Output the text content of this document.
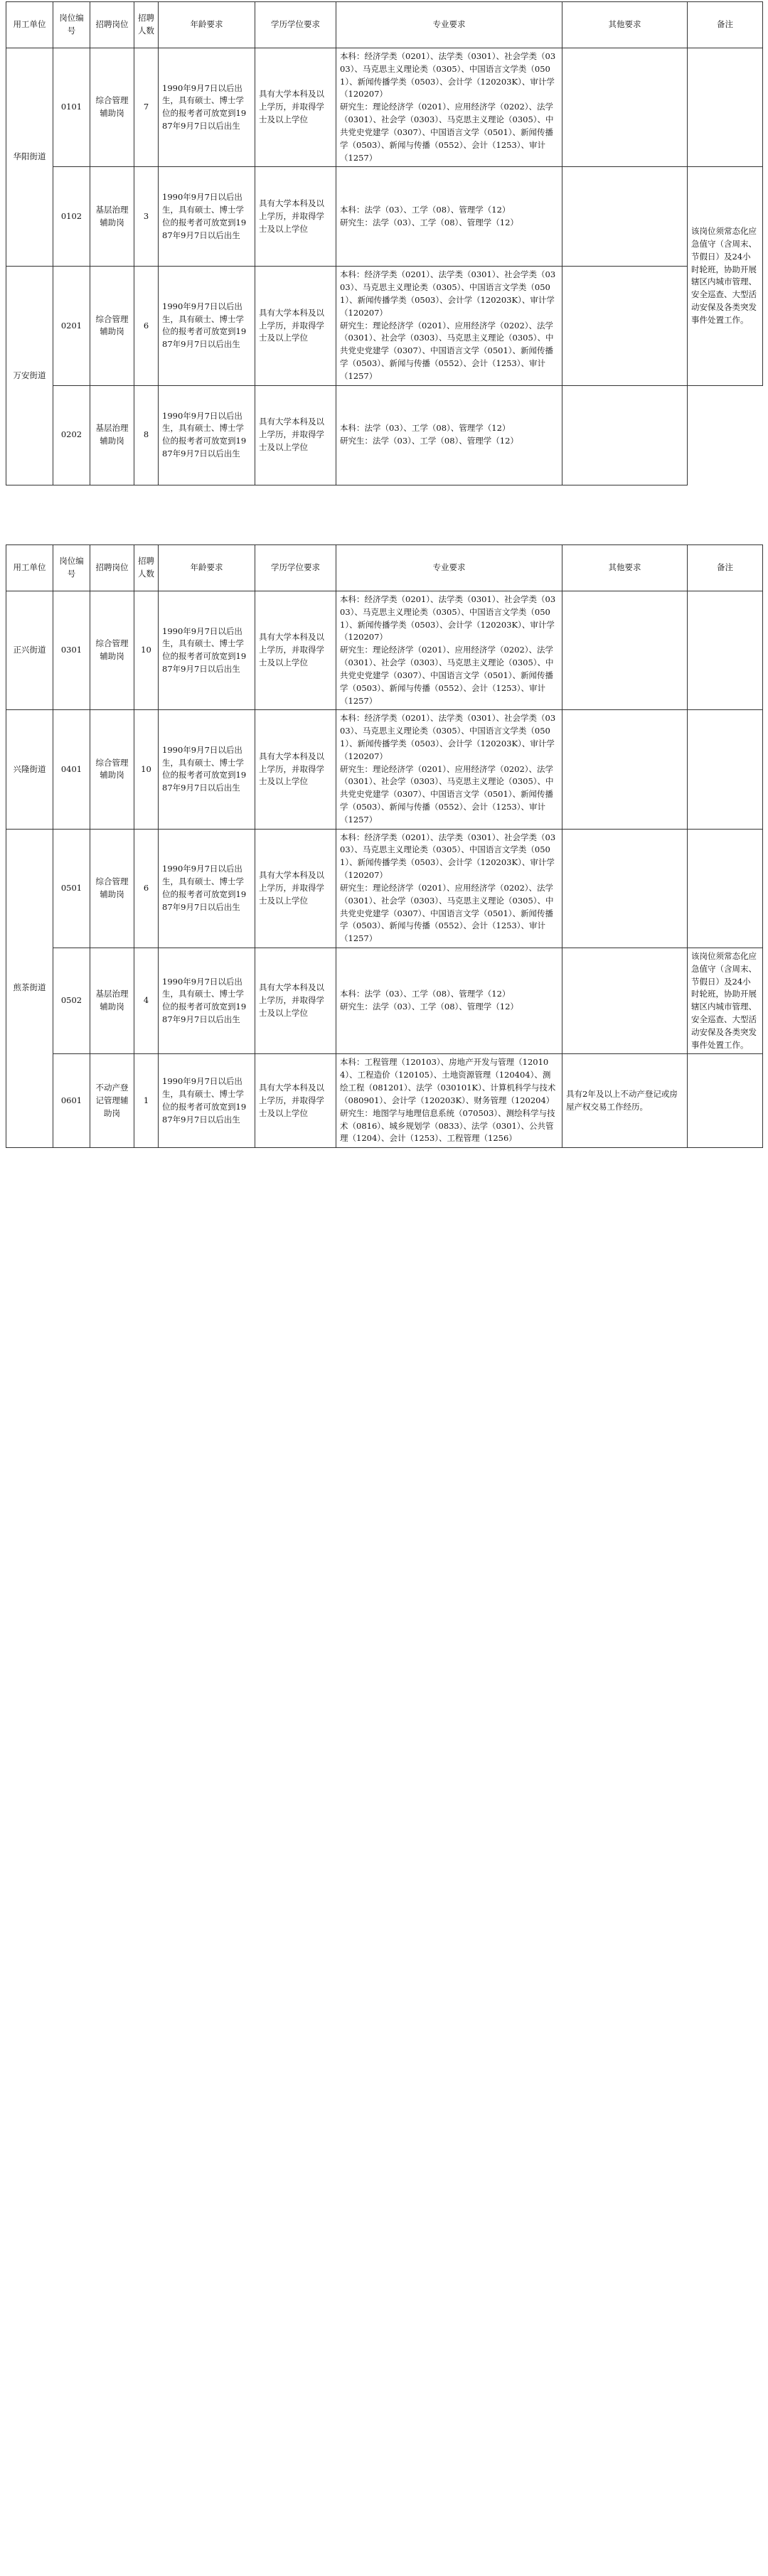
用工单位	岗位编号	招聘岗位	招聘人数	年龄要求	学历学位要求	专业要求	其他要求	备注
华阳街道	0101	综合管理辅助岗	7	1990年9月7日以后出生，具有硕士、博士学位的报考者可放宽到1987年9月7日以后出生	具有大学本科及以上学历，并取得学士及以上学位	本科：经济学类（0201）、法学类（0301）、社会学类（0303）、马克思主义理论类（0305）、中国语言文学类（0501）、新闻传播学类（0503）、会计学（120203K）、审计学（120207）
研究生：理论经济学（0201）、应用经济学（0202）、法学（0301）、社会学（0303）、马克思主义理论（0305）、中共党史党建学（0307）、中国语言文学（0501）、新闻传播学（0503）、新闻与传播（0552）、会计（1253）、审计（1257）		
	0102	基层治理辅助岗	3	1990年9月7日以后出生，具有硕士、博士学位的报考者可放宽到1987年9月7日以后出生	具有大学本科及以上学历，并取得学士及以上学位	本科：法学（03）、工学（08）、管理学（12）
研究生：法学（03）、工学（08）、管理学（12）		该岗位须常态化应急值守（含周末、节假日）及24小时轮班，协助开展辖区内城市管理、安全巡查、大型活动安保及各类突发事件处置工作。
万安街道	0201	综合管理辅助岗	6	1990年9月7日以后出生，具有硕士、博士学位的报考者可放宽到1987年9月7日以后出生	具有大学本科及以上学历，并取得学士及以上学位	本科：经济学类（0201）、法学类（0301）、社会学类（0303）、马克思主义理论类（0305）、中国语言文学类（0501）、新闻传播学类（0503）、会计学（120203K）、审计学（120207）
研究生：理论经济学（0201）、应用经济学（0202）、法学（0301）、社会学（0303）、马克思主义理论（0305）、中共党史党建学（0307）、中国语言文学（0501）、新闻传播学（0503）、新闻与传播（0552）、会计（1253）、审计（1257）		
	0202	基层治理辅助岗	8	1990年9月7日以后出生，具有硕士、博士学位的报考者可放宽到1987年9月7日以后出生	具有大学本科及以上学历，并取得学士及以上学位	本科：法学（03）、工学（08）、管理学（12）
研究生：法学（03）、工学（08）、管理学（12）		
用工单位	岗位编号	招聘岗位	招聘人数	年龄要求	学历学位要求	专业要求	其他要求	备注
正兴街道	0301	综合管理辅助岗	10	1990年9月7日以后出生，具有硕士、博士学位的报考者可放宽到1987年9月7日以后出生	具有大学本科及以上学历，并取得学士及以上学位	本科：经济学类（0201）、法学类（0301）、社会学类（0303）、马克思主义理论类（0305）、中国语言文学类（0501）、新闻传播学类（0503）、会计学（120203K）、审计学（120207）
研究生：理论经济学（0201）、应用经济学（0202）、法学（0301）、社会学（0303）、马克思主义理论（0305）、中共党史党建学（0307）、中国语言文学（0501）、新闻传播学（0503）、新闻与传播（0552）、会计（1253）、审计（1257）		
兴隆街道	0401	综合管理辅助岗	10	1990年9月7日以后出生，具有硕士、博士学位的报考者可放宽到1987年9月7日以后出生	具有大学本科及以上学历，并取得学士及以上学位	本科：经济学类（0201）、法学类（0301）、社会学类（0303）、马克思主义理论类（0305）、中国语言文学类（0501）、新闻传播学类（0503）、会计学（120203K）、审计学（120207）
研究生：理论经济学（0201）、应用经济学（0202）、法学（0301）、社会学（0303）、马克思主义理论（0305）、中共党史党建学（0307）、中国语言文学（0501）、新闻传播学（0503）、新闻与传播（0552）、会计（1253）、审计（1257）		
煎茶街道	0501	综合管理辅助岗	6	1990年9月7日以后出生，具有硕士、博士学位的报考者可放宽到1987年9月7日以后出生	具有大学本科及以上学历，并取得学士及以上学位	本科：经济学类（0201）、法学类（0301）、社会学类（0303）、马克思主义理论类（0305）、中国语言文学类（0501）、新闻传播学类（0503）、会计学（120203K）、审计学（120207）
研究生：理论经济学（0201）、应用经济学（0202）、法学（0301）、社会学（0303）、马克思主义理论（0305）、中共党史党建学（0307）、中国语言文学（0501）、新闻传播学（0503）、新闻与传播（0552）、会计（1253）、审计（1257）		
	0502	基层治理辅助岗	4	1990年9月7日以后出生，具有硕士、博士学位的报考者可放宽到1987年9月7日以后出生	具有大学本科及以上学历，并取得学士及以上学位	本科：法学（03）、工学（08）、管理学（12）
研究生：法学（03）、工学（08）、管理学（12）		该岗位须常态化应急值守（含周末、节假日）及24小时轮班，协助开展辖区内城市管理、安全巡查、大型活动安保及各类突发事件处置工作。
	0601	不动产登记管理辅助岗	1	1990年9月7日以后出生，具有硕士、博士学位的报考者可放宽到1987年9月7日以后出生	具有大学本科及以上学历，并取得学士及以上学位	本科：工程管理（120103）、房地产开发与管理（120104）、工程造价（120105）、土地资源管理（120404）、测绘工程（081201）、法学（030101K）、计算机科学与技术（080901）、会计学（120203K）、财务管理（120204）
研究生：地图学与地理信息系统（070503）、测绘科学与技术（0816）、城乡规划学（0833）、法学（0301）、公共管理（1204）、会计（1253）、工程管理（1256）	具有2年及以上不动产登记或房屋产权交易工作经历。	
